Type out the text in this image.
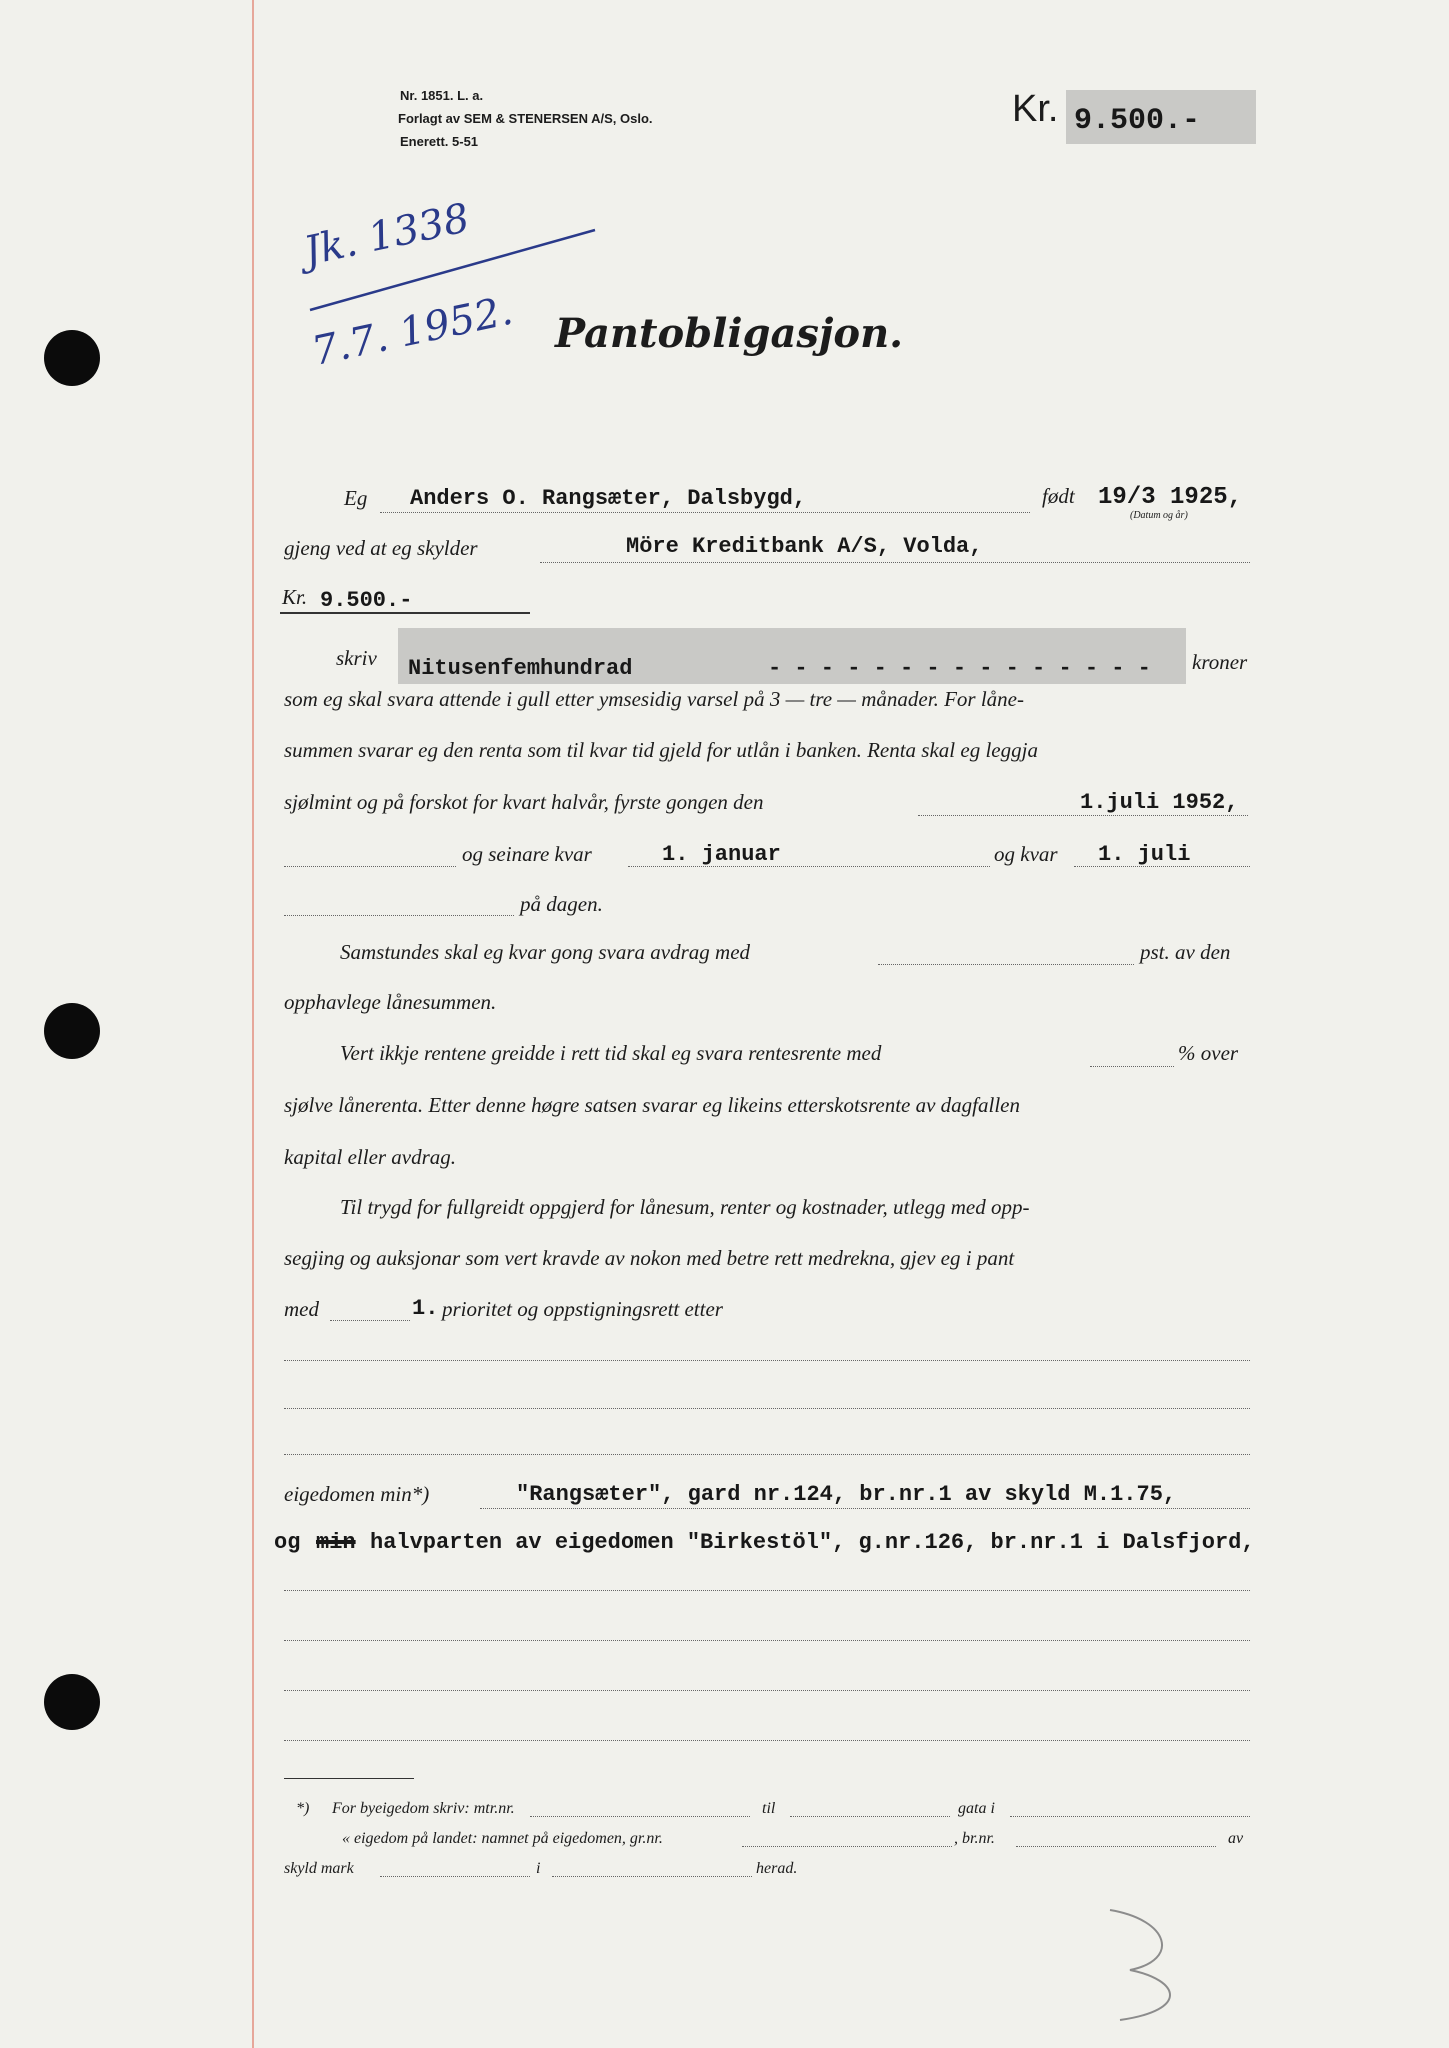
Nr. 1851. L. a.
Forlagt av SEM & STENERSEN A/S, Oslo.
Enerett. 5-51
Kr. 9.500.-
Jk. 1338
7.7. 1952. Pantobligasjon.
Eg Anders O. Rangsæter, Dalsbygd,	født 19/3 1925,
(Datum og år)
gjeng ved at eg skylder	Möre Kreditbank A/S, Volda,
Kr. 9.500.-
skriv Nitusenfemhundrad	- - - - - - - - - - - - - - - kroner
som eg skal svara attende i gull etter ymsesidig varsel på 3 — tre — månader. For låne-
summen svarar eg den renta som til kvar tid gjeld for utlån i banken. Renta skal eg leggja
sjølmint og på forskot for kvart halvår, fyrste gongen den	1.juli 1952,
og seinare kvar	1. januar	og kvar 1. juli
på dagen.
Samstundes skal eg kvar gong svara avdrag med	pst. av den
opphavlege lånesummen.
Vert ikkje rentene greidde i rett tid skal eg svara rentesrente med	% over
sjølve lånerenta. Etter denne høgre satsen svarar eg likeins etterskotsrente av dagfallen
kapital eller avdrag.
Til trygd for fullgreidt oppgjerd for lånesum, renter og kostnader, utlegg med opp-
segjing og auksjonar som vert kravde av nokon med betre rett medrekna, gjev eg i pant
med	1. prioritet og oppstigningsrett etter
eigedomen min*)	"Rangsæter", gard nr.124, br.nr.1 av skyld M.1.75,
og min halvparten av eigedomen "Birkestöl", g.nr.126, br.nr.1 i Dalsfjord,
*) For byeigedom skriv: mtr.nr.	til	gata i
« eigedom på landet: namnet på eigedomen, gr.nr.	, br.nr.	av
skyld mark	i	herad.
